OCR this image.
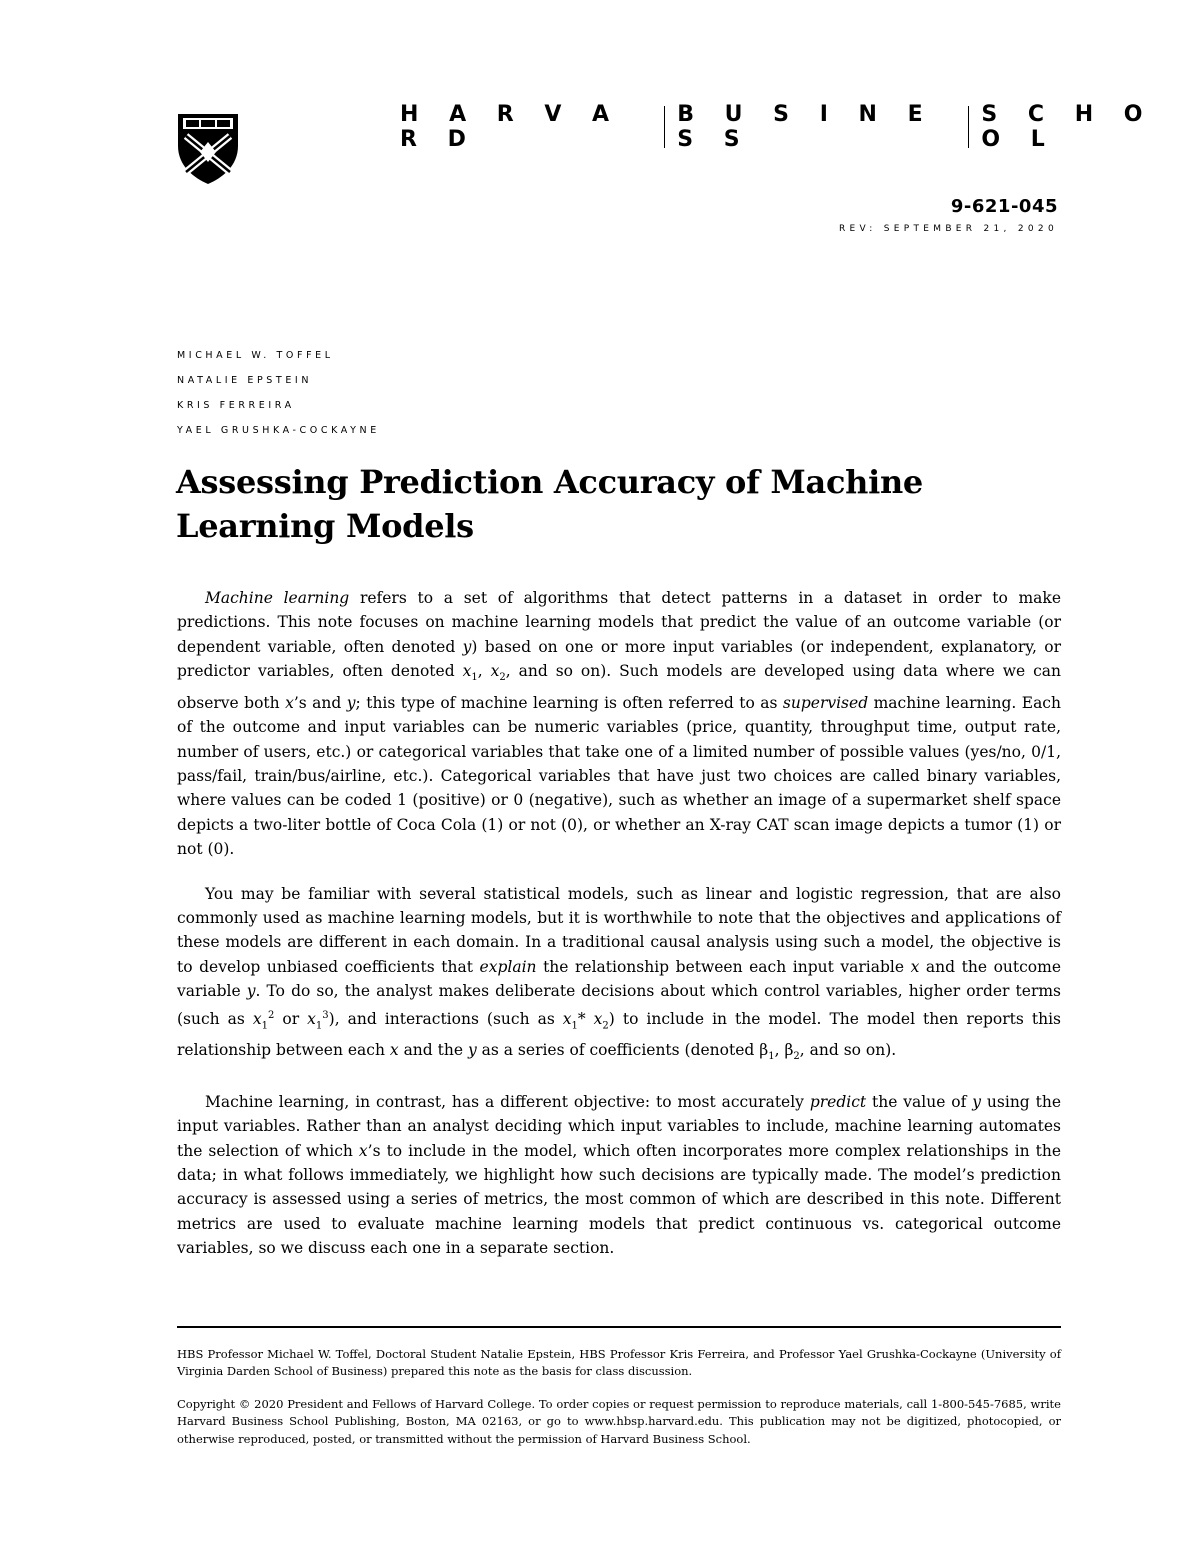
H A R V A R D
B U S I N E S S
S C H O O L
9-621-045
REV: SEPTEMBER 21, 2020
MICHAEL W. TOFFEL
NATALIE EPSTEIN
KRIS FERREIRA
YAEL GRUSHKA-COCKAYNE
Assessing Prediction Accuracy of Machine Learning Models

Machine learning refers to a set of algorithms that detect patterns in a dataset in order to make predictions. This note focuses on machine learning models that predict the value of an outcome variable (or dependent variable, often denoted y) based on one or more input variables (or independent, explanatory, or predictor variables, often denoted $x_1$, $x_2$, and so on). Such models are developed using data where we can observe both x’s and y; this type of machine learning is often referred to as supervised machine learning. Each of the outcome and input variables can be numeric variables (price, quantity, throughput time, output rate, number of users, etc.) or categorical variables that take one of a limited number of possible values (yes/no, 0/1, pass/fail, train/bus/airline, etc.). Categorical variables that have just two choices are called binary variables, where values can be coded 1 (positive) or 0 (negative), such as whether an image of a supermarket shelf space depicts a two-liter bottle of Coca Cola (1) or not (0), or whether an X-ray CAT scan image depicts a tumor (1) or not (0).

You may be familiar with several statistical models, such as linear and logistic regression, that are also commonly used as machine learning models, but it is worthwhile to note that the objectives and applications of these models are different in each domain. In a traditional causal analysis using such a model, the objective is to develop unbiased coefficients that explain the relationship between each input variable x and the outcome variable y. To do so, the analyst makes deliberate decisions about which control variables, higher order terms (such as $x_1^2$ or $x_1^3$), and interactions (such as $x_1*$ $x_2$) to include in the model. The model then reports this relationship between each x and the y as a series of coefficients (denoted $\beta_1$, $\beta_2$, and so on).

Machine learning, in contrast, has a different objective: to most accurately predict the value of y using the input variables. Rather than an analyst deciding which input variables to include, machine learning automates the selection of which x’s to include in the model, which often incorporates more complex relationships in the data; in what follows immediately, we highlight how such decisions are typically made. The model’s prediction accuracy is assessed using a series of metrics, the most common of which are described in this note. Different metrics are used to evaluate machine learning models that predict continuous vs. categorical outcome variables, so we discuss each one in a separate section.

HBS Professor Michael W. Toffel, Doctoral Student Natalie Epstein, HBS Professor Kris Ferreira, and Professor Yael Grushka-Cockayne (University of Virginia Darden School of Business) prepared this note as the basis for class discussion.
Copyright © 2020 President and Fellows of Harvard College. To order copies or request permission to reproduce materials, call 1-800-545-7685, write Harvard Business School Publishing, Boston, MA 02163, or go to www.hbsp.harvard.edu. This publication may not be digitized, photocopied, or otherwise reproduced, posted, or transmitted without the permission of Harvard Business School.
